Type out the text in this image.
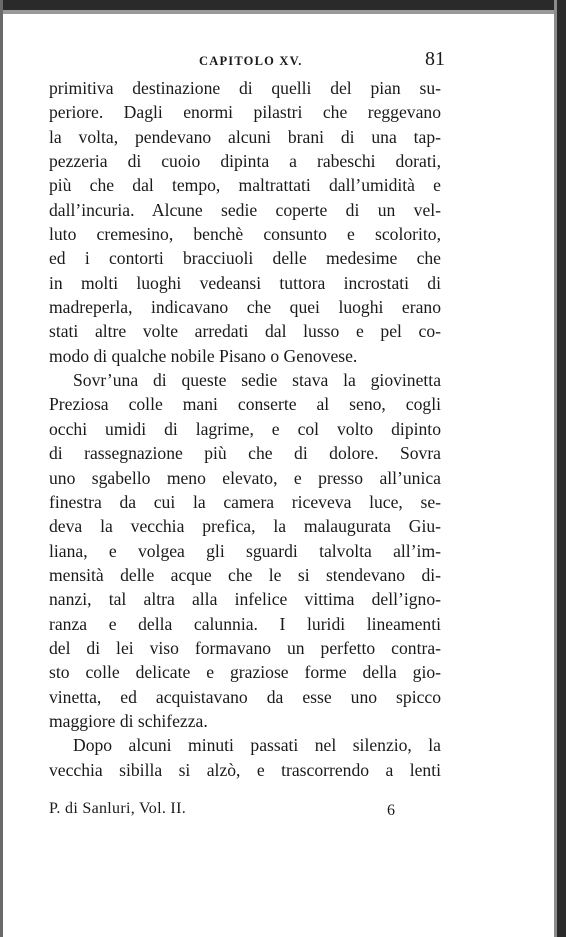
CAPITOLO XV.	81
primitiva destinazione di quelli del pian su-
periore. Dagli enormi pilastri che reggevano
la volta, pendevano alcuni brani di una tap-
pezzeria di cuoio dipinta a rabeschi dorati,
più che dal tempo, maltrattati dall’umidità e
dall’incuria. Alcune sedie coperte di un vel-
luto cremesino, benchè consunto e scolorito,
ed i contorti bracciuoli delle medesime che
in molti luoghi vedeansi tuttora incrostati di
madreperla, indicavano che quei luoghi erano
stati altre volte arredati dal lusso e pel co-
modo di qualche nobile Pisano o Genovese.
Sovr’una di queste sedie stava la giovinetta
Preziosa colle mani conserte al seno, cogli
occhi umidi di lagrime, e col volto dipinto
di rassegnazione più che di dolore. Sovra
uno sgabello meno elevato, e presso all’unica
finestra da cui la camera riceveva luce, se-
deva la vecchia prefica, la malaugurata Giu-
liana, e volgea gli sguardi talvolta all’im-
mensità delle acque che le si stendevano di-
nanzi, tal altra alla infelice vittima dell’igno-
ranza e della calunnia. I luridi lineamenti
del di lei viso formavano un perfetto contra-
sto colle delicate e graziose forme della gio-
vinetta, ed acquistavano da esse uno spicco
maggiore di schifezza.
Dopo alcuni minuti passati nel silenzio, la
vecchia sibilla si alzò, e trascorrendo a lenti
P. di Sanluri, Vol. II.	6
